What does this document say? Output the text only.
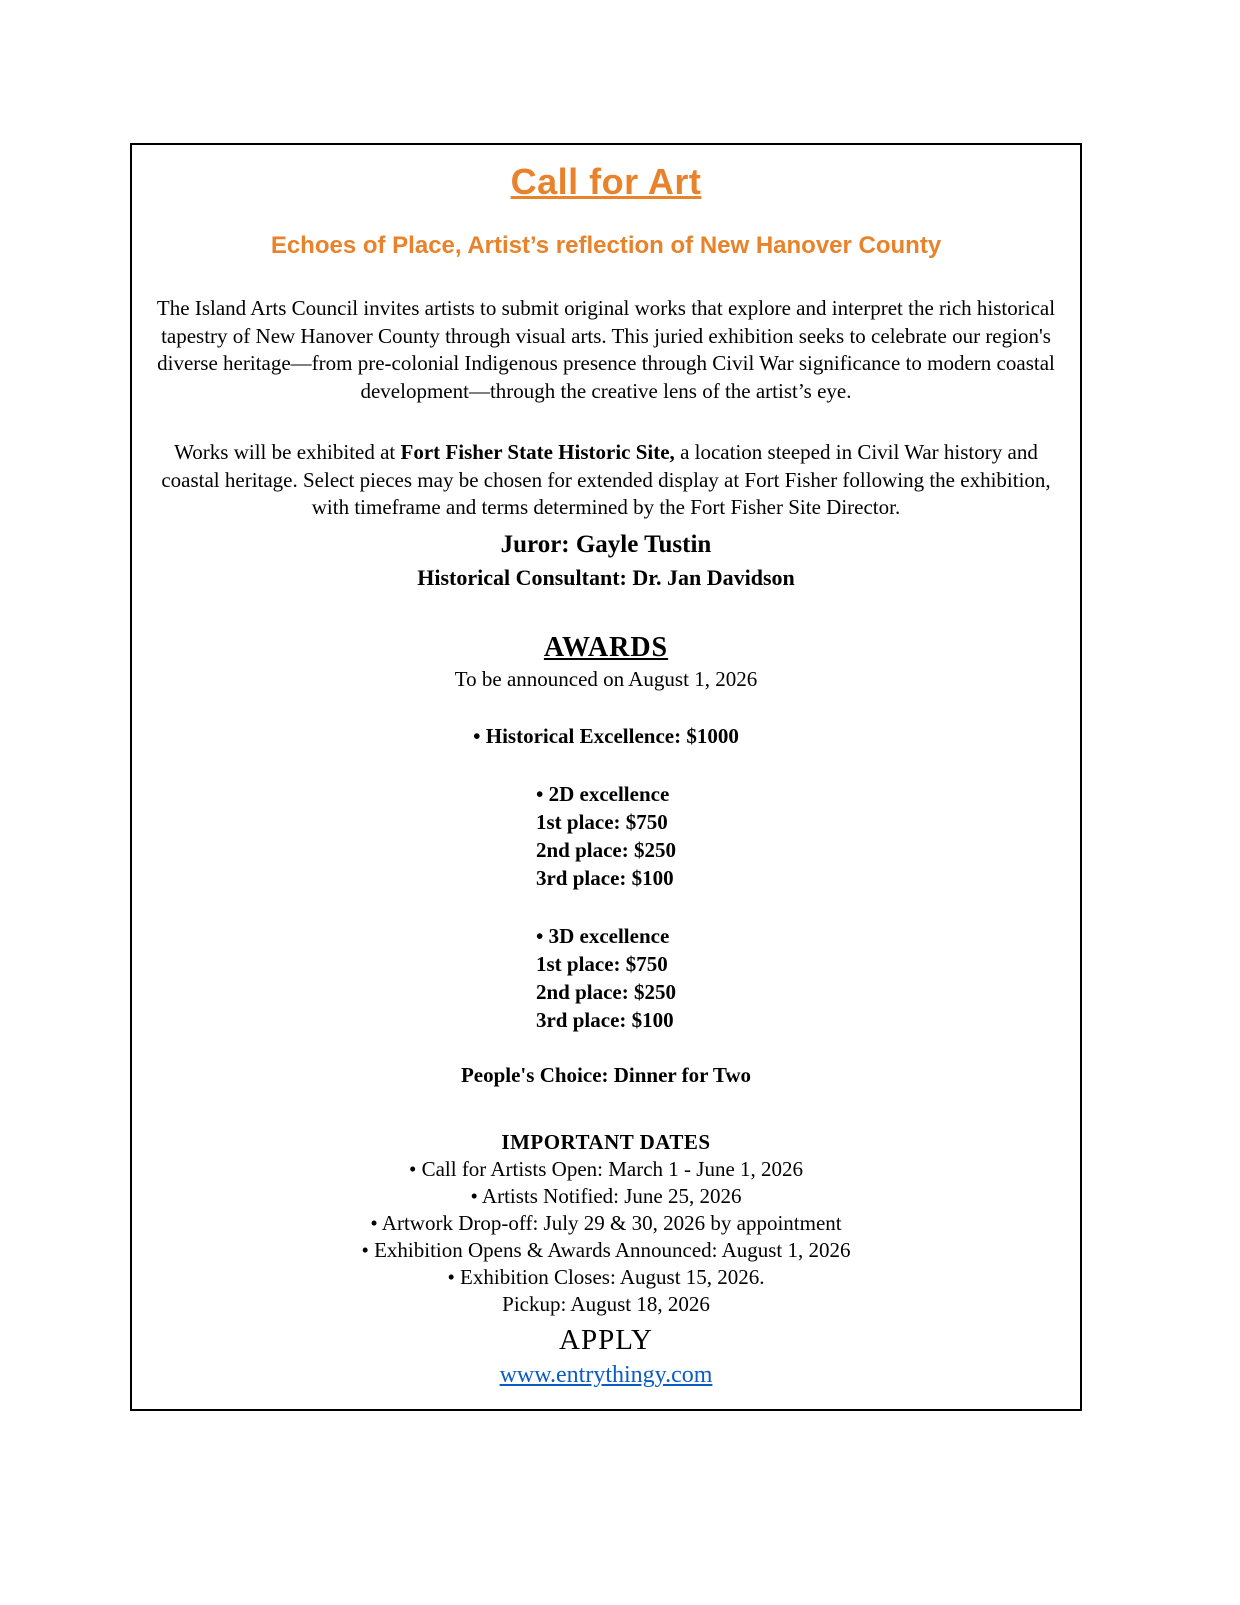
Call for Art
Echoes of Place, Artist’s reflection of New Hanover County
The Island Arts Council invites artists to submit original works that explore and interpret the rich historical tapestry of New Hanover County through visual arts. This juried exhibition seeks to celebrate our region's diverse heritage—from pre-colonial Indigenous presence through Civil War significance to modern coastal development—through the creative lens of the artist’s eye.
Works will be exhibited at Fort Fisher State Historic Site, a location steeped in Civil War history and coastal heritage. Select pieces may be chosen for extended display at Fort Fisher following the exhibition, with timeframe and terms determined by the Fort Fisher Site Director.
Juror: Gayle Tustin
Historical Consultant: Dr. Jan Davidson
AWARDS
To be announced on August 1, 2026
• Historical Excellence: $1000
• 2D excellence
1st place: $750
2nd place: $250
3rd place: $100
• 3D excellence
1st place: $750
2nd place: $250
3rd place: $100
People's Choice: Dinner for Two
IMPORTANT DATES
• Call for Artists Open: March 1 - June 1, 2026
• Artists Notified: June 25, 2026
• Artwork Drop-off: July 29 & 30, 2026 by appointment
• Exhibition Opens & Awards Announced: August 1, 2026
• Exhibition Closes: August 15, 2026.
Pickup: August 18, 2026
APPLY
www.entrythingy.com
